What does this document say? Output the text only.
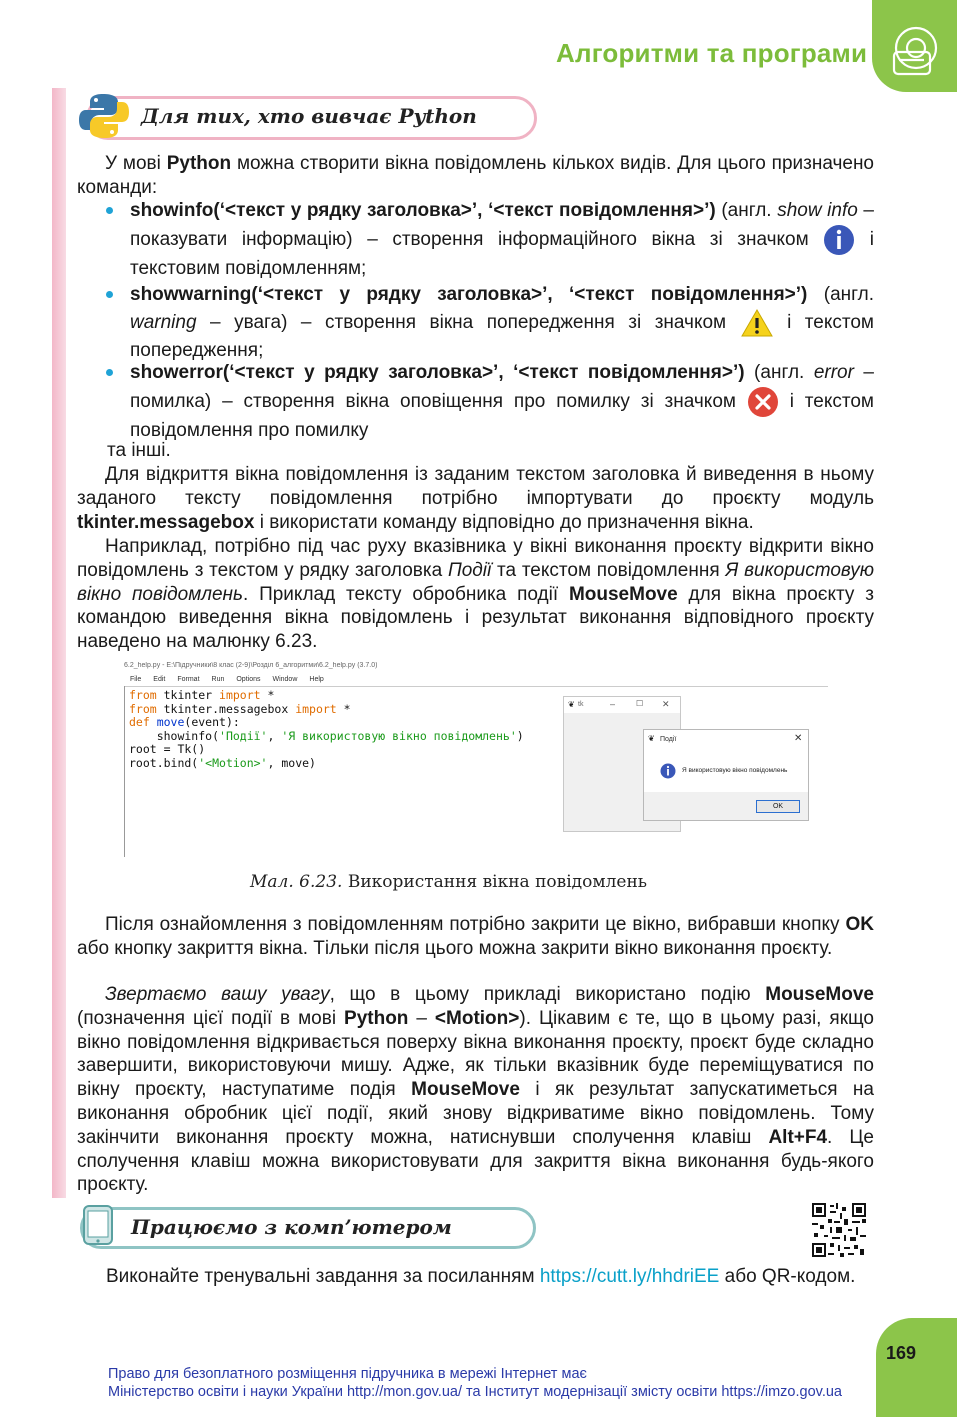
Алгоритми та програми
Для тих, хто вивчає Python
У мові Python можна створити вікна повідомлень кількох видів. Для цього призначено команди:
showinfo(‘<текст у рядку заголовка>’, ‘<текст повідомлення>’) (англ. show info – показувати інформацію) – створення інформаційного вікна зі значком  і текстовим повідомленням;
showwarning(‘<текст у рядку заголовка>’, ‘<текст повідомлення>’) (англ. warning – увага) – створення вікна попередження зі значком  і текстом попередження;
showerror(‘<текст у рядку заголовка>’, ‘<текст повідомлення>’) (англ. error – помилка) – створення вікна оповіщення про помилку зі значком  і текстом повідомлення про помилку
та інші.
Для відкриття вікна повідомлення із заданим текстом заголовка й виведення в ньому заданого тексту повідомлення потрібно імпортувати до проєкту модуль tkinter.messagebox і використати команду відповідно до призначення вікна.
Наприклад, потрібно під час руху вказівника у вікні виконання проєкту відкрити вікно повідомлень з текстом у рядку заголовка Події та текстом повідомлення Я використовую вікно повідомлень. Приклад тексту обробника події MouseMove для вікна проєкту з командою виведення вікна повідомлень і результат виконання відповідного проєкту наведено на малюнку 6.23.
6.2_help.py - E:\Підручники\8 клас (2-9)\Розділ 6_алгоритми\6.2_help.py (3.7.0)
File Edit Format Run Options Window Help
from tkinter import *
from tkinter.messagebox import *
def move(event):
showinfo('Події', 'Я використовую вікно повідомлень')
root = Tk()
root.bind('<Motion>', move)
tk
❦	–	☐ ✕
❦ Події	✕
Я використовую вікно повідомлень
OK
Мал. 6.23. Використання вікна повідомлень
Після ознайомлення з повідомленням потрібно закрити це вікно, вибравши кнопку OK або кнопку закриття вікна. Тільки після цього можна закрити вікно виконання проєкту.
Звертаємо вашу увагу, що в цьому прикладі використано подію MouseMove (позначення цієї події в мові Python – <Motion>). Цікавим є те, що в цьому разі, якщо вікно повідомлення відкривається поверху вікна виконання проєкту, проєкт буде складно завершити, використовуючи мишу. Адже, як тільки вказівник буде переміщуватися по вікну проєкту, наступатиме подія MouseMove і як результат запускатиметься на виконання обробник цієї події, який знову відкриватиме вікно повідомлень. Тому закінчити виконання проєкту можна, натиснувши сполучення клавіш Alt+F4. Це сполучення клавіш можна використовувати для закриття вікна виконання будь-якого проєкту.
Працюємо з комп’ютером
Виконайте тренувальні завдання за посиланням https://cutt.ly/hhdriEE або QR-кодом.
169
Право для безоплатного розміщення підручника в мережі Інтернет має
Міністерство освіти і науки України http://mon.gov.ua/ та Інститут модернізації змісту освіти https://imzo.gov.ua
